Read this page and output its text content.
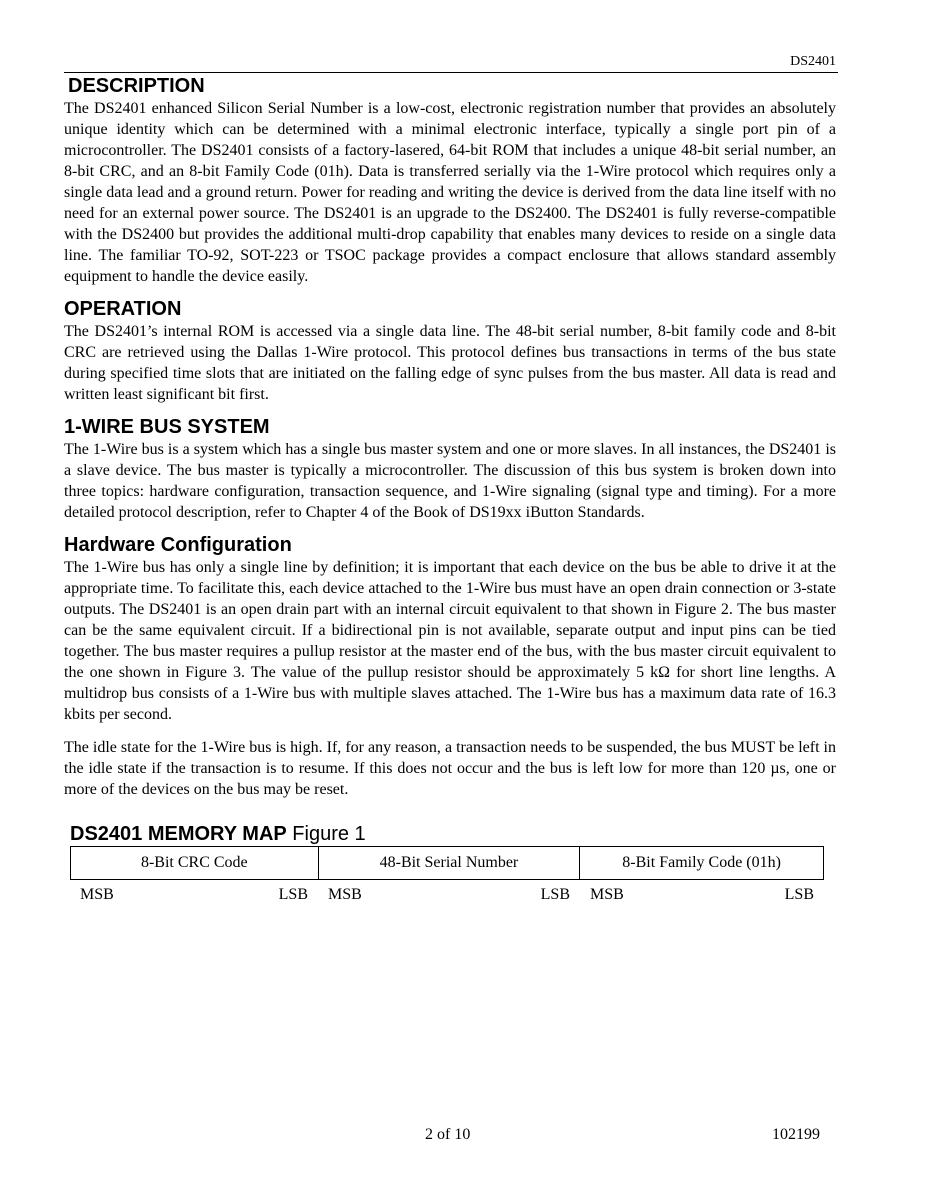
DS2401
DESCRIPTION

The DS2401 enhanced Silicon Serial Number is a low-cost, electronic registration number that provides an absolutely unique identity which can be determined with a minimal electronic interface, typically a single port pin of a microcontroller. The DS2401 consists of a factory-lasered, 64-bit ROM that includes a unique 48-bit serial number, an 8-bit CRC, and an 8-bit Family Code (01h). Data is transferred serially via the 1-Wire protocol which requires only a single data lead and a ground return. Power for reading and writing the device is derived from the data line itself with no need for an external power source. The DS2401 is an upgrade to the DS2400. The DS2401 is fully reverse-compatible with the DS2400 but provides the additional multi-drop capability that enables many devices to reside on a single data line. The familiar TO-92, SOT-223 or TSOC package provides a compact enclosure that allows standard assembly equipment to handle the device easily.

OPERATION

The DS2401’s internal ROM is accessed via a single data line. The 48-bit serial number, 8-bit family code and 8-bit CRC are retrieved using the Dallas 1-Wire protocol. This protocol defines bus transactions in terms of the bus state during specified time slots that are initiated on the falling edge of sync pulses from the bus master. All data is read and written least significant bit first.

1-WIRE BUS SYSTEM

The 1-Wire bus is a system which has a single bus master system and one or more slaves. In all instances, the DS2401 is a slave device. The bus master is typically a microcontroller. The discussion of this bus system is broken down into three topics: hardware configuration, transaction sequence, and 1-Wire signaling (signal type and timing). For a more detailed protocol description, refer to Chapter 4 of the Book of DS19xx iButton Standards.

Hardware Configuration

The 1-Wire bus has only a single line by definition; it is important that each device on the bus be able to drive it at the appropriate time. To facilitate this, each device attached to the 1-Wire bus must have an open drain connection or 3-state outputs. The DS2401 is an open drain part with an internal circuit equivalent to that shown in Figure 2. The bus master can be the same equivalent circuit. If a bidirectional pin is not available, separate output and input pins can be tied together. The bus master requires a pullup resistor at the master end of the bus, with the bus master circuit equivalent to the one shown in Figure 3. The value of the pullup resistor should be approximately 5 kΩ for short line lengths. A multidrop bus consists of a 1-Wire bus with multiple slaves attached. The 1-Wire bus has a maximum data rate of 16.3 kbits per second.

The idle state for the 1-Wire bus is high. If, for any reason, a transaction needs to be suspended, the bus MUST be left in the idle state if the transaction is to resume. If this does not occur and the bus is left low for more than 120 µs, one or more of the devices on the bus may be reset.

DS2401 MEMORY MAP Figure 1
8-Bit CRC Code	48-Bit Serial Number	8-Bit Family Code (01h)
MSB	LSB MSB	LSB MSB	LSB
2 of 10	102199
